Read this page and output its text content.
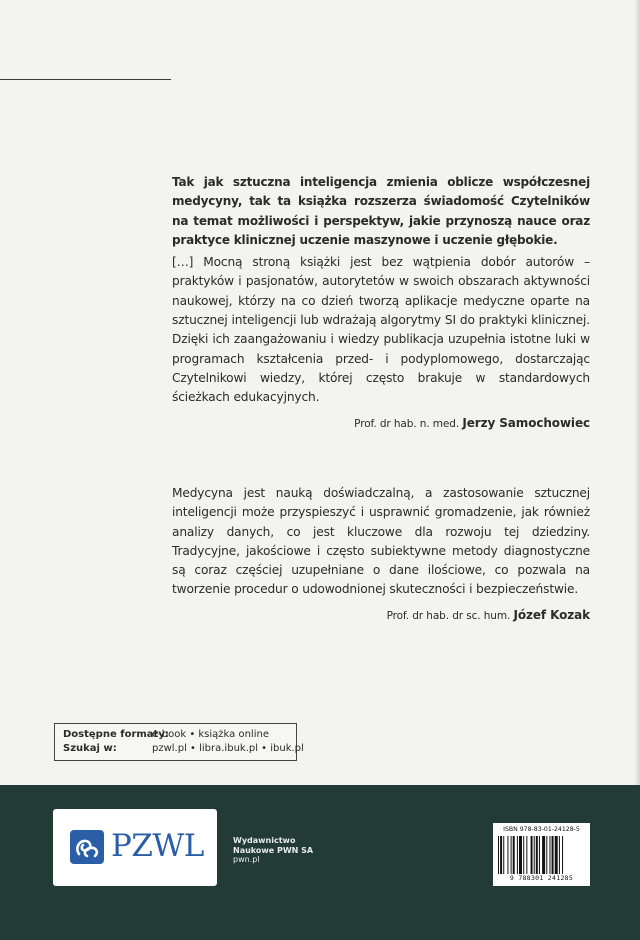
Tak jak sztuczna inteligencja zmienia oblicze współczesnej medycyny, tak ta książka rozszerza świadomość Czytelników na temat możliwości i perspektyw, jakie przynoszą nauce oraz praktyce klinicznej uczenie maszynowe i uczenie głębokie.

[…] Mocną stroną książki jest bez wątpienia dobór autorów – praktyków i pasjonatów, autorytetów w swoich obszarach aktywności naukowej, którzy na co dzień tworzą aplikacje medyczne oparte na sztucznej inteligencji lub wdrażają algorytmy SI do praktyki klinicznej. Dzięki ich zaangażowaniu i wiedzy publikacja uzupełnia istotne luki w programach kształcenia przed- i podyplomowego, dostarczając Czytelnikowi wiedzy, której często brakuje w standardowych ścieżkach edukacyjnych.

Prof. dr hab. n. med. Jerzy Samochowiec

Medycyna jest nauką doświadczalną, a zastosowanie sztucznej inteligencji może przyspieszyć i usprawnić gromadzenie, jak również analizy danych, co jest kluczowe dla rozwoju tej dziedziny. Tradycyjne, jakościowe i często subiektywne metody diagnostyczne są coraz częściej uzupełniane o dane ilościowe, co pozwala na tworzenie procedur o udowodnionej skuteczności i bezpieczeństwie.

Prof. dr hab. dr sc. hum. Józef Kozak
Dostępne formaty:
e-book • książka online
Szukaj w:	pzwl.pl • libra.ibuk.pl • ibuk.pl
PZWL	Wydawnictwo
Naukowe PWN SA
pwn.pl
ISBN 978-83-01-24128-5
9 788301 241285
